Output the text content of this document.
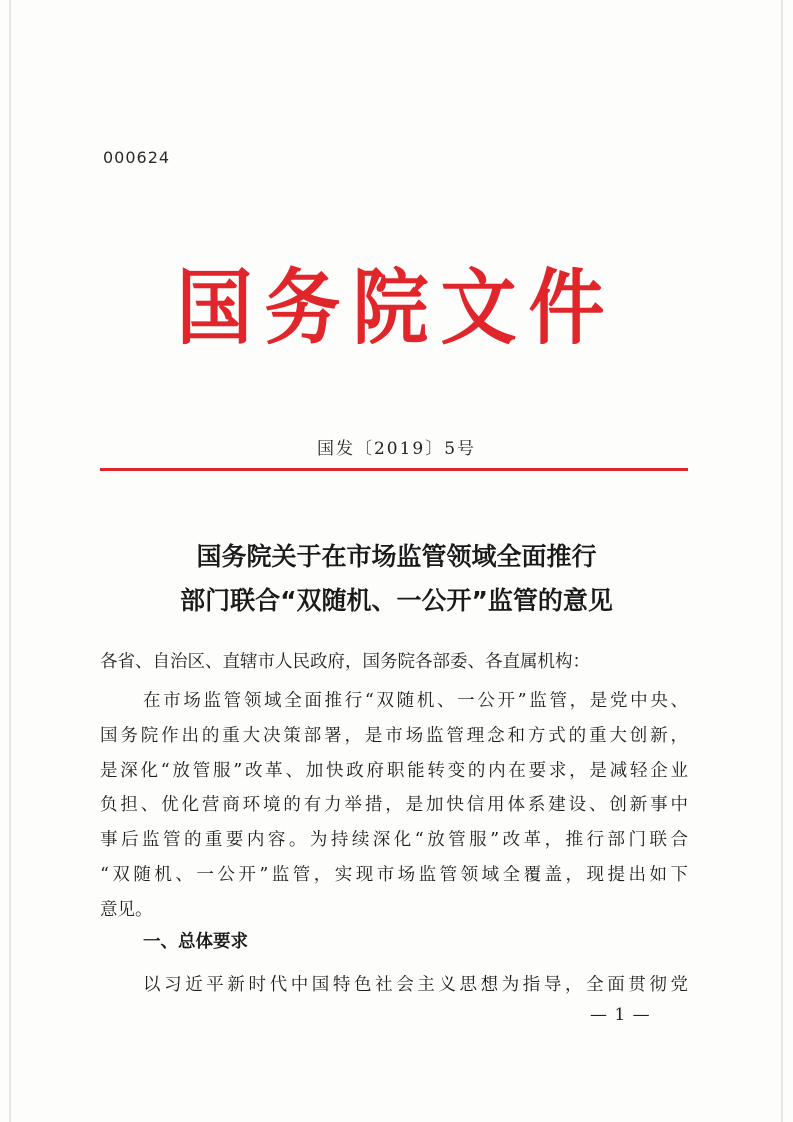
000624
国务院文件
国发〔2019〕5号
国务院关于在市场监管领域全面推行
部门联合“双随机、一公开”监管的意见
各省、自治区、直辖市人民政府，国务院各部委、各直属机构：
在市场监管领域全面推行“双随机、一公开”监管，是党中央、
国务院作出的重大决策部署，是市场监管理念和方式的重大创新，
是深化“放管服”改革、加快政府职能转变的内在要求，是减轻企业
负担、优化营商环境的有力举措，是加快信用体系建设、创新事中
事后监管的重要内容。为持续深化“放管服”改革，推行部门联合
“双随机、一公开”监管，实现市场监管领域全覆盖，现提出如下
意见。
一、总体要求
以习近平新时代中国特色社会主义思想为指导，全面贯彻党
— 1 —
